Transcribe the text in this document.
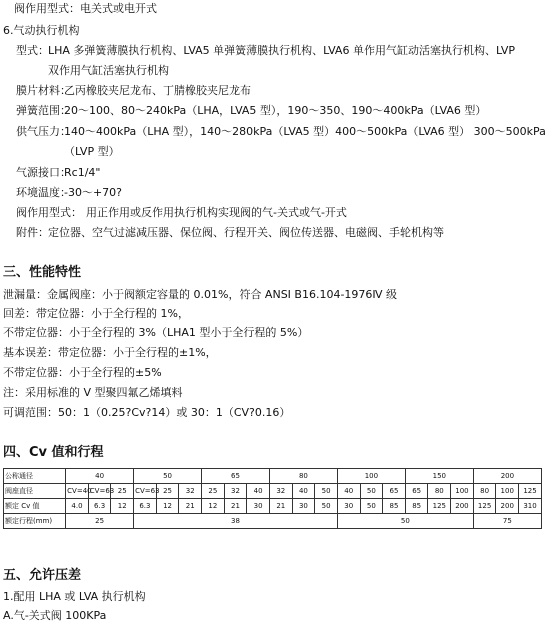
阀作用型式：电关式或电开式
6.气动执行机构
型式： LHA 多弹簧薄膜执行机构、LVA5 单弹簧薄膜执行机构、LVA6 单作用气缸动活塞执行机构、LVP
双作用气缸活塞执行机构
膜片材料：
乙丙橡胶夹尼龙布、丁腈橡胶夹尼龙布
弹簧范围：
20～100、80～240kPa（LHA，LVA5 型），190～350、190～400kPa（LVA6 型）
供气压力：
140～400kPa（LHA 型），140～280kPa（LVA5 型）400～500kPa（LVA6 型） 300～500kPa
（LVP 型）
气源接口：
Rc1/4"
环境温度：
-30～+70?
阀作用型式： 用正作用或反作用执行机构实现阀的气-关式或气-开式
附件： 定位器、空气过滤减压器、保位阀、行程开关、阀位传送器、电磁阀、手轮机构等
三、性能特性
泄漏量：金属阀座：小于阀额定容量的 0.01%，符合 ANSI B16.104-1976Ⅳ 级
回差：带定位器：小于全行程的 1%，
不带定位器：小于全行程的 3%（LHA1 型小于全行程的 5%）
基本误差：带定位器：小于全行程的±1%，
不带定位器：小于全行程的±5%
注：采用标准的 V 型聚四氟乙烯填料
可调范围：50：1（0.25?Cv?14）或 30：1（CV?0.16）
四、Cv 值和行程
公称通径	40			50			65			80			100			150			200		
阀座直径	CV=40	CV=63	25	CV=63	25	32	25	32	40	32	40	50	40	50	65	65	80	100	80	100	125
额定 Cv 值	4.0	6.3	12	6.3	12	21	12	21	30	21	30	50	30	50	85	85	125	200	125	200	310
额定行程(mm)	25			38									50						75		
五、允许压差
1.配用 LHA 或 LVA 执行机构
A.气-关式阀 100KPa
